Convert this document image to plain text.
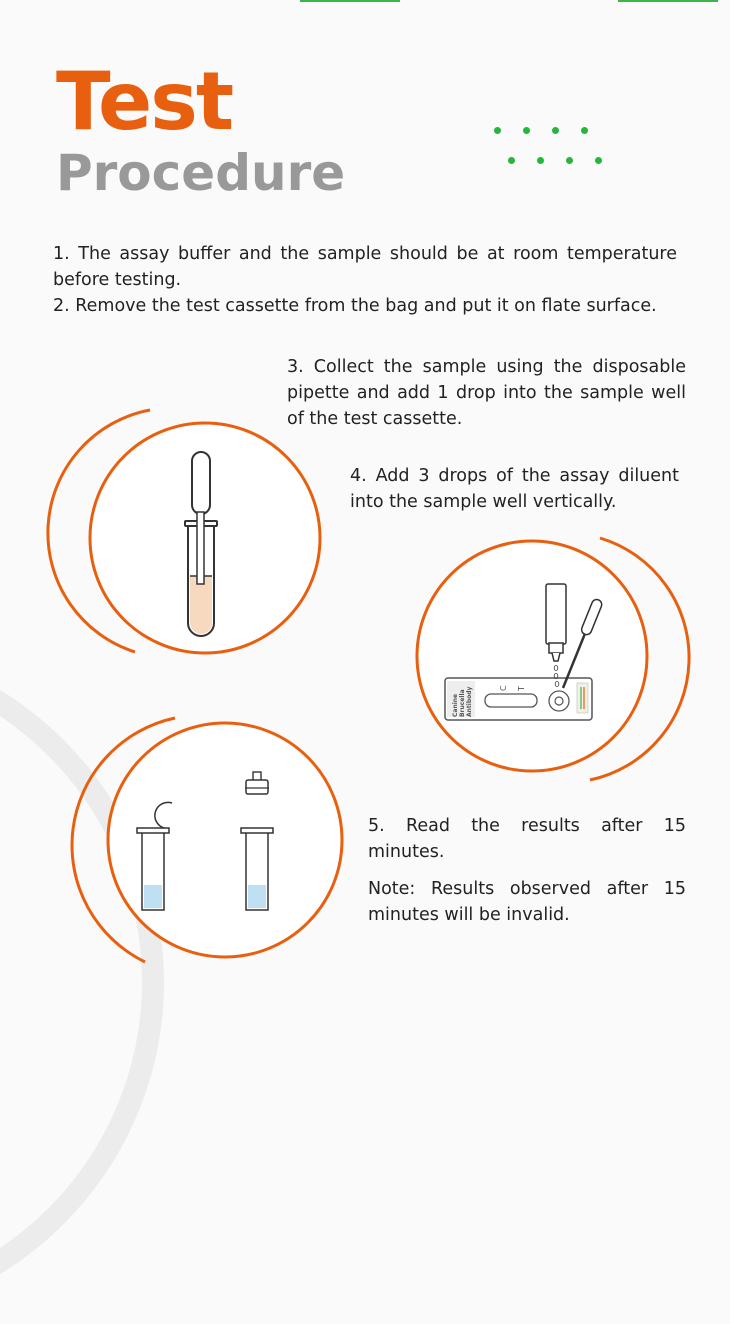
Test
Procedure

1. The assay buffer and the sample should be at room temperature before testing.

2. Remove the test cassette from the bag and put it on flate surface.

3. Collect the sample using the disposable pipette and add 1 drop into the sample well of the test cassette.

4. Add 3 drops of the assay diluent into the sample well vertically.

5. Read the results after 15 minutes.

Note: Results observed after 15 minutes will be invalid.

Canine Brucella Antibody	C T
